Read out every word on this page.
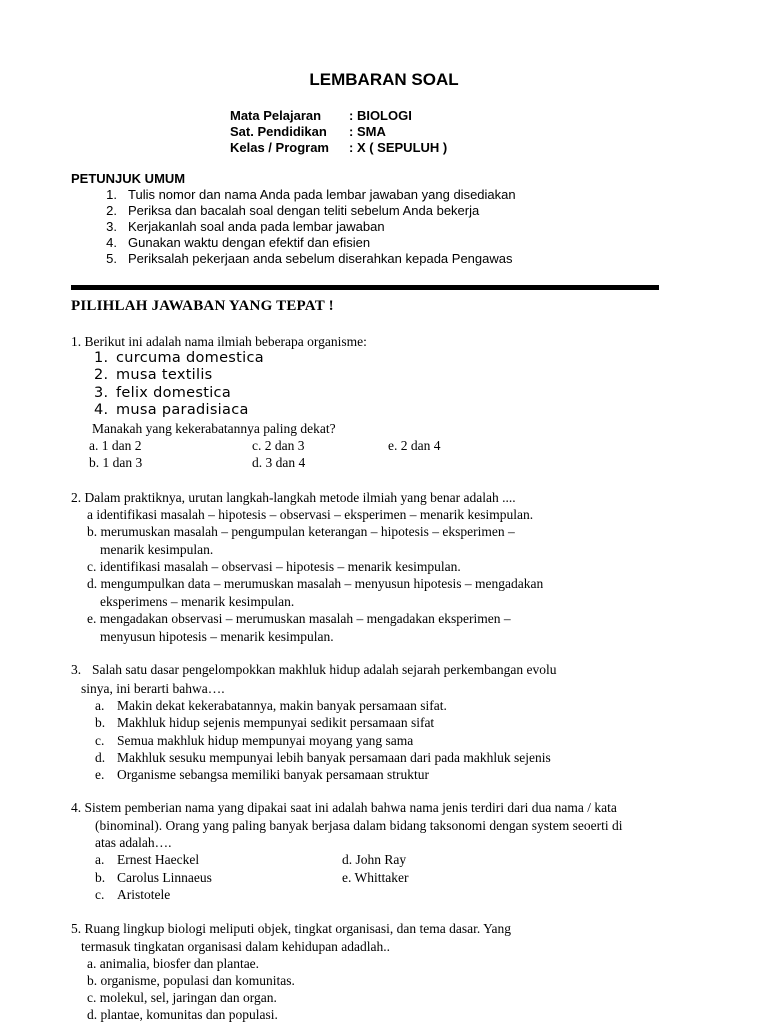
LEMBARAN SOAL
Mata Pelajaran : BIOLOGI
Sat. Pendidikan : SMA
Kelas / Program : X ( SEPULUH )
PETUNJUK UMUM
1. Tulis nomor dan nama Anda pada lembar jawaban yang disediakan
2. Periksa dan bacalah soal dengan teliti sebelum Anda bekerja
3. Kerjakanlah soal anda pada lembar jawaban
4. Gunakan waktu dengan efektif dan efisien
5. Periksalah pekerjaan anda sebelum diserahkan kepada Pengawas
PILIHLAH JAWABAN YANG TEPAT !
1. Berikut ini adalah nama ilmiah beberapa organisme:
1. curcuma domestica
2. musa textilis
3. felix domestica
4. musa paradisiaca
Manakah yang kekerabatannya paling dekat?
a. 1 dan 2	c. 2 dan 3	e. 2 dan 4
b. 1 dan 3	d. 3 dan 4
2. Dalam praktiknya, urutan langkah-langkah metode ilmiah yang benar adalah ....
a identifikasi masalah – hipotesis – observasi – eksperimen – menarik kesimpulan.
b. merumuskan masalah – pengumpulan keterangan – hipotesis – eksperimen –
menarik kesimpulan.
c. identifikasi masalah – observasi – hipotesis – menarik kesimpulan.
d. mengumpulkan data – merumuskan masalah – menyusun hipotesis – mengadakan
eksperimens – menarik kesimpulan.
e. mengadakan observasi – merumuskan masalah – mengadakan eksperimen –
menyusun hipotesis – menarik kesimpulan.
3. Salah satu dasar pengelompokkan makhluk hidup adalah sejarah perkembangan evolu
sinya, ini berarti bahwa….
a. Makin dekat kekerabatannya, makin banyak persamaan sifat.
b. Makhluk hidup sejenis mempunyai sedikit persamaan sifat
c. Semua makhluk hidup mempunyai moyang yang sama
d. Makhluk sesuku mempunyai lebih banyak persamaan dari pada makhluk sejenis
e. Organisme sebangsa memiliki banyak persamaan struktur
4. Sistem pemberian nama yang dipakai saat ini adalah bahwa nama jenis terdiri dari dua nama / kata
(binominal). Orang yang paling banyak berjasa dalam bidang taksonomi dengan system seoerti di
atas adalah….
a. Ernest Haeckel	d. John Ray
b. Carolus Linnaeus	e. Whittaker
c. Aristotele
5. Ruang lingkup biologi meliputi objek, tingkat organisasi, dan tema dasar. Yang
termasuk tingkatan organisasi dalam kehidupan adadlah..
a. animalia, biosfer dan plantae.
b. organisme, populasi dan komunitas.
c. molekul, sel, jaringan dan organ.
d. plantae, komunitas dan populasi.
